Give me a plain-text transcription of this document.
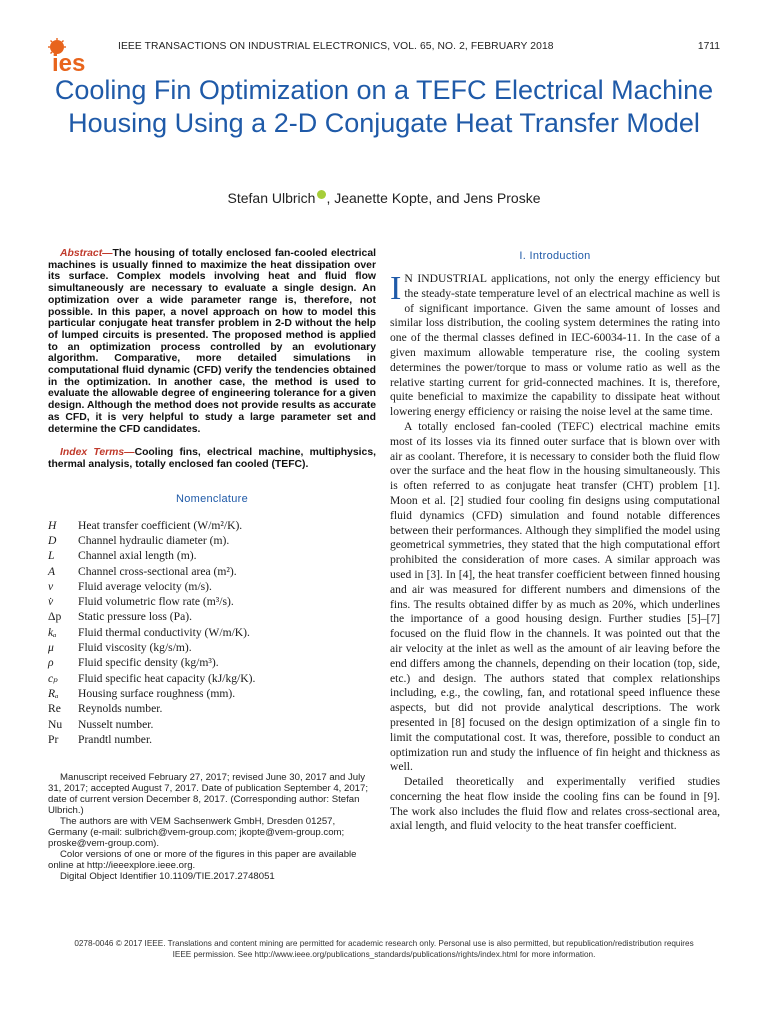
ies
IEEE TRANSACTIONS ON INDUSTRIAL ELECTRONICS, VOL. 65, NO. 2, FEBRUARY 2018	1711
Cooling Fin Optimization on a TEFC Electrical Machine Housing Using a 2-D Conjugate Heat Transfer Model
Stefan Ulbrich , Jeanette Kopte, and Jens Proske

Abstract—The housing of totally enclosed fan-cooled electrical machines is usually finned to maximize the heat dissipation over its surface. Complex models involving heat and fluid flow simultaneously are necessary to evaluate a single design. An optimization over a wide parameter range is, therefore, not possible. In this paper, a novel approach on how to model this particular conjugate heat transfer problem in 2-D without the help of lumped circuits is presented. The proposed method is applied to an optimization process controlled by an evolutionary algorithm. Comparative, more detailed simulations in computational fluid dynamic (CFD) verify the tendencies obtained in the optimization. In another case, the method is used to evaluate the allowable degree of engineering tolerance for a given design. Although the method does not provide results as accurate as CFD, it is very helpful to study a large parameter set and determine the CFD candidates.

Index Terms—Cooling fins, electrical machine, multiphysics, thermal analysis, totally enclosed fan cooled (TEFC).

Nomenclature
H	Heat transfer coefficient (W/m²/K).
D	Channel hydraulic diameter (m).
L	Channel axial length (m).
A	Channel cross-sectional area (m²).
v	Fluid average velocity (m/s).
v̇	Fluid volumetric flow rate (m³/s).
Δp	Static pressure loss (Pa).
kₐ	Fluid thermal conductivity (W/m/K).
μ	Fluid viscosity (kg/s/m).
ρ	Fluid specific density (kg/m³).
cₚ	Fluid specific heat capacity (kJ/kg/K).
Rₐ	Housing surface roughness (mm).
Re	Reynolds number.
Nu	Nusselt number.
Pr	Prandtl number.

Manuscript received February 27, 2017; revised June 30, 2017 and July 31, 2017; accepted August 7, 2017. Date of publication September 4, 2017; date of current version December 8, 2017. (Corresponding author: Stefan Ulbrich.)

The authors are with VEM Sachsenwerk GmbH, Dresden 01257, Germany (e-mail: sulbrich@vem-group.com; jkopte@vem-group.com; proske@vem-group.com).

Color versions of one or more of the figures in this paper are available online at http://ieeexplore.ieee.org.

Digital Object Identifier 10.1109/TIE.2017.2748051

I. Introduction

I N INDUSTRIAL applications, not only the energy efficiency but the steady-state temperature level of an electrical machine as well is of significant importance. Given the same amount of losses and similar loss distribution, the cooling system determines the rating into one of the thermal classes defined in IEC-60034-11. In the case of a given maximum allowable temperature rise, the cooling system determines the power/torque to mass or volume ratio as well as the relative starting current for grid-connected machines. It is, therefore, quite beneficial to maximize the capability to dissipate heat without lowering energy efficiency or raising the noise level at the same time.

A totally enclosed fan-cooled (TEFC) electrical machine emits most of its losses via its finned outer surface that is blown over with air as coolant. Therefore, it is necessary to consider both the fluid flow over the surface and the heat flow in the housing simultaneously. This is often referred to as conjugate heat transfer (CHT) problem [1]. Moon et al. [2] studied four cooling fin designs using computational fluid dynamics (CFD) simulation and found notable differences between their performances. Although they simplified the model using geometrical symmetries, they stated that the high computational effort prohibited the consideration of more cases. A similar approach was used in [3]. In [4], the heat transfer coefficient between finned housing and air was measured for different numbers and dimensions of the fins. The results obtained differ by as much as 20%, which underlines the importance of a good housing design. Further studies [5]–[7] focused on the fluid flow in the channels. It was pointed out that the air velocity at the inlet as well as the amount of air leaving before the end differs among the channels, depending on their location (top, side, etc.) and design. The authors stated that complex relationships including, e.g., the cowling, fan, and rotational speed influence these aspects, but did not provide analytical descriptions. The work presented in [8] focused on the design optimization of a single fin to limit the computational cost. It was, therefore, possible to conduct an optimization run and study the influence of fin height and thickness as well.

Detailed theoretically and experimentally verified studies concerning the heat flow inside the cooling fins can be found in [9]. The work also includes the fluid flow and relates cross-sectional area, axial length, and fluid velocity to the heat transfer coefficient.

0278-0046 © 2017 IEEE. Translations and content mining are permitted for academic research only. Personal use is also permitted, but republication/redistribution requires IEEE permission. See http://www.ieee.org/publications_standards/publications/rights/index.html for more information.
